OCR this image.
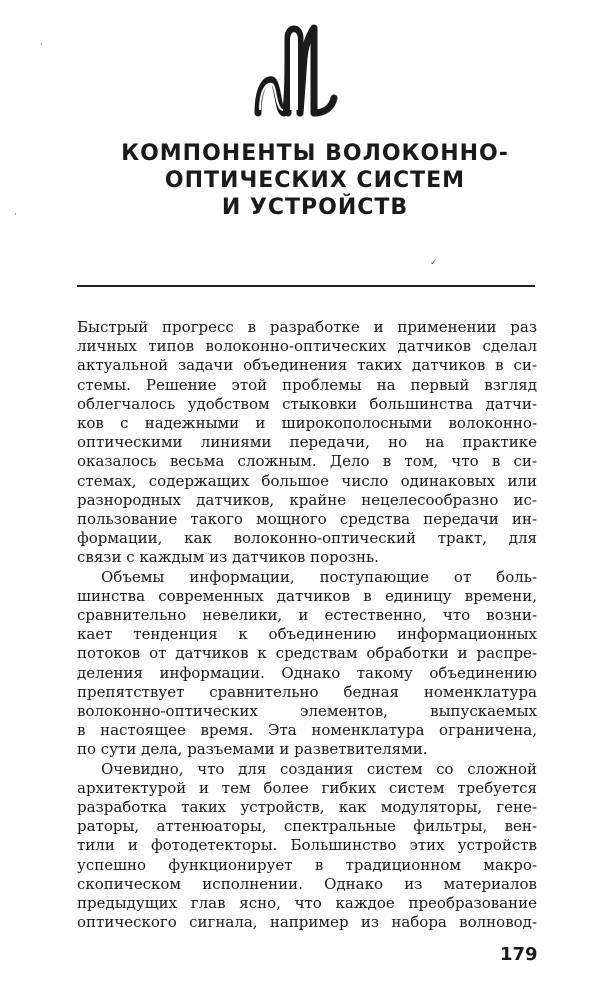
КОМПОНЕНТЫ ВОЛОКОННО-
ОПТИЧЕСКИХ СИСТЕМ
И УСТРОЙСТВ
✓
·
·
Быстрый прогресс в разработке и применении раз
личных типов волоконно-оптических датчиков сделал
актуальной задачи объединения таких датчиков в си-
стемы. Решение этой проблемы на первый взгляд
облегчалось удобством стыковки большинства датчи-
ков с надежными и широкополосными волоконно-
оптическими линиями передачи, но на практике
оказалось весьма сложным. Дело в том, что в си-
стемах, содержащих большое число одинаковых или
разнородных датчиков, крайне нецелесообразно ис-
пользование такого мощного средства передачи ин-
формации, как волоконно-оптический тракт, для
связи с каждым из датчиков порознь.
Объемы информации, поступающие от боль-
шинства современных датчиков в единицу времени,
сравнительно невелики, и естественно, что возни-
кает тенденция к объединению информационных
потоков от датчиков к средствам обработки и распре-
деления информации. Однако такому объединению
препятствует сравнительно бедная номенклатура
волоконно-оптических элементов, выпускаемых
в настоящее время. Эта номенклатура ограничена,
по сути дела, разъемами и разветвителями.
Очевидно, что для создания систем со сложной
архитектурой и тем более гибких систем требуется
разработка таких устройств, как модуляторы, гене-
раторы, аттенюаторы, спектральные фильтры, вен-
тили и фотодетекторы. Большинство этих устройств
успешно функционирует в традиционном макро-
скопическом исполнении. Однако из материалов
предыдущих глав ясно, что каждое преобразование
оптического сигнала, например из набора волновод-
179
